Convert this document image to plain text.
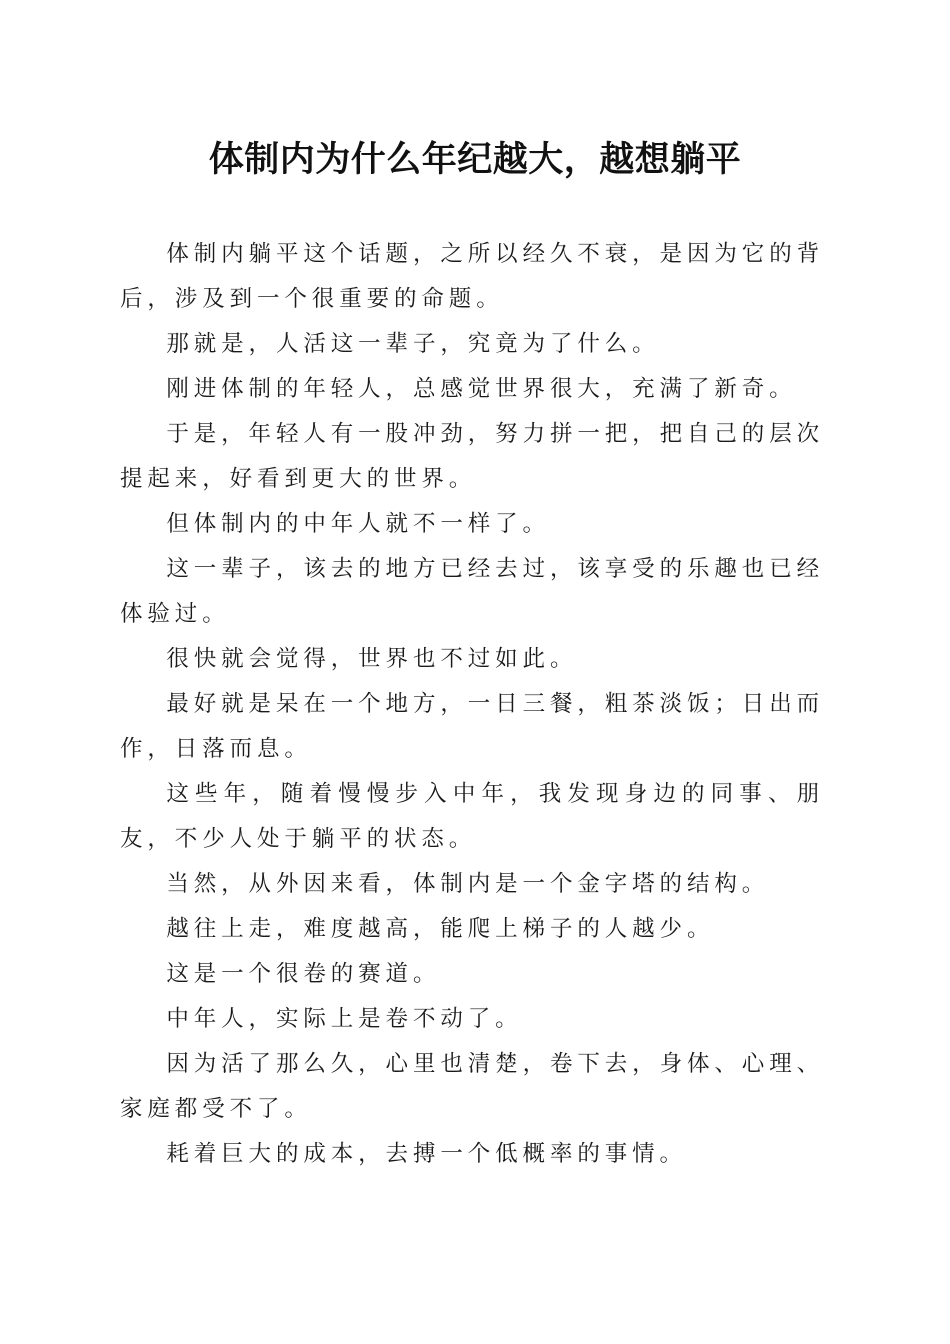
体制内为什么年纪越大，越想躺平

体制内躺平这个话题，之所以经久不衰，是因为它的背后，涉及到一个很重要的命题。

那就是，人活这一辈子，究竟为了什么。

刚进体制的年轻人，总感觉世界很大，充满了新奇。

于是，年轻人有一股冲劲，努力拼一把，把自己的层次提起来，好看到更大的世界。

但体制内的中年人就不一样了。

这一辈子，该去的地方已经去过，该享受的乐趣也已经体验过。

很快就会觉得，世界也不过如此。

最好就是呆在一个地方，一日三餐，粗茶淡饭；日出而作，日落而息。

这些年，随着慢慢步入中年，我发现身边的同事、朋友，不少人处于躺平的状态。

当然，从外因来看，体制内是一个金字塔的结构。

越往上走，难度越高，能爬上梯子的人越少。

这是一个很卷的赛道。

中年人，实际上是卷不动了。

因为活了那么久，心里也清楚，卷下去，身体、心理、家庭都受不了。

耗着巨大的成本，去搏一个低概率的事情。
